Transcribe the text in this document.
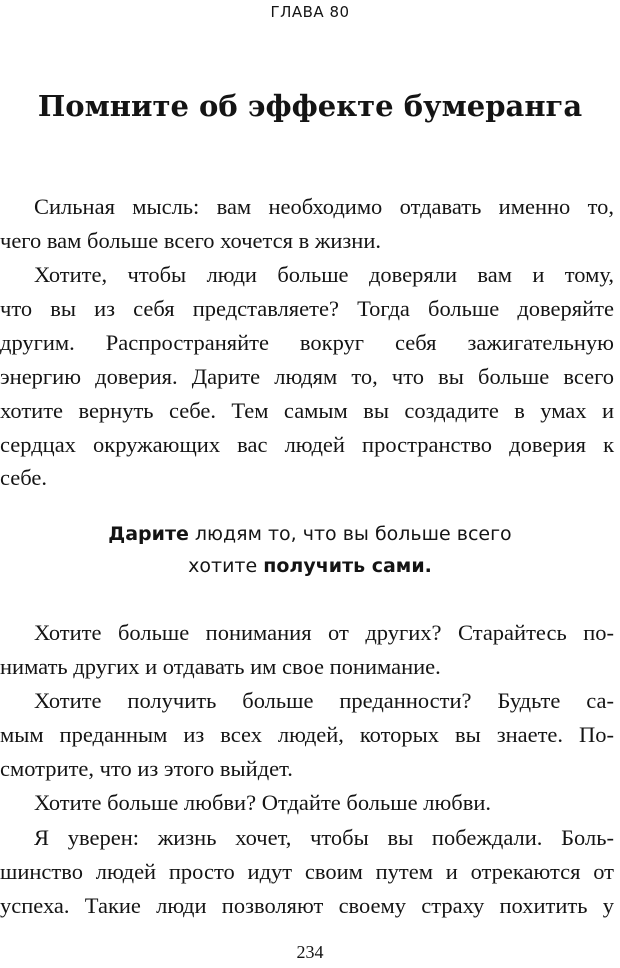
ГЛАВА 80
Помните об эффекте бумеранга
Сильная мысль: вам необходимо отдавать именно то,
чего вам больше всего хочется в жизни.
Хотите, чтобы люди больше доверяли вам и тому,
что вы из себя представляете? Тогда больше доверяйте
другим. Распространяйте вокруг себя зажигательную
энергию доверия. Дарите людям то, что вы больше всего
хотите вернуть себе. Тем самым вы создадите в умах и
сердцах окружающих вас людей пространство доверия к
себе.
Дарите людям то, что вы больше всего
хотите получить сами.
Хотите больше понимания от других? Старайтесь по-
нимать других и отдавать им свое понимание.
Хотите получить больше преданности? Будьте са-
мым преданным из всех людей, которых вы знаете. По-
смотрите, что из этого выйдет.
Хотите больше любви? Отдайте больше любви.
Я уверен: жизнь хочет, чтобы вы побеждали. Боль-
шинство людей просто идут своим путем и отрекаются от
успеха. Такие люди позволяют своему страху похитить у
234
